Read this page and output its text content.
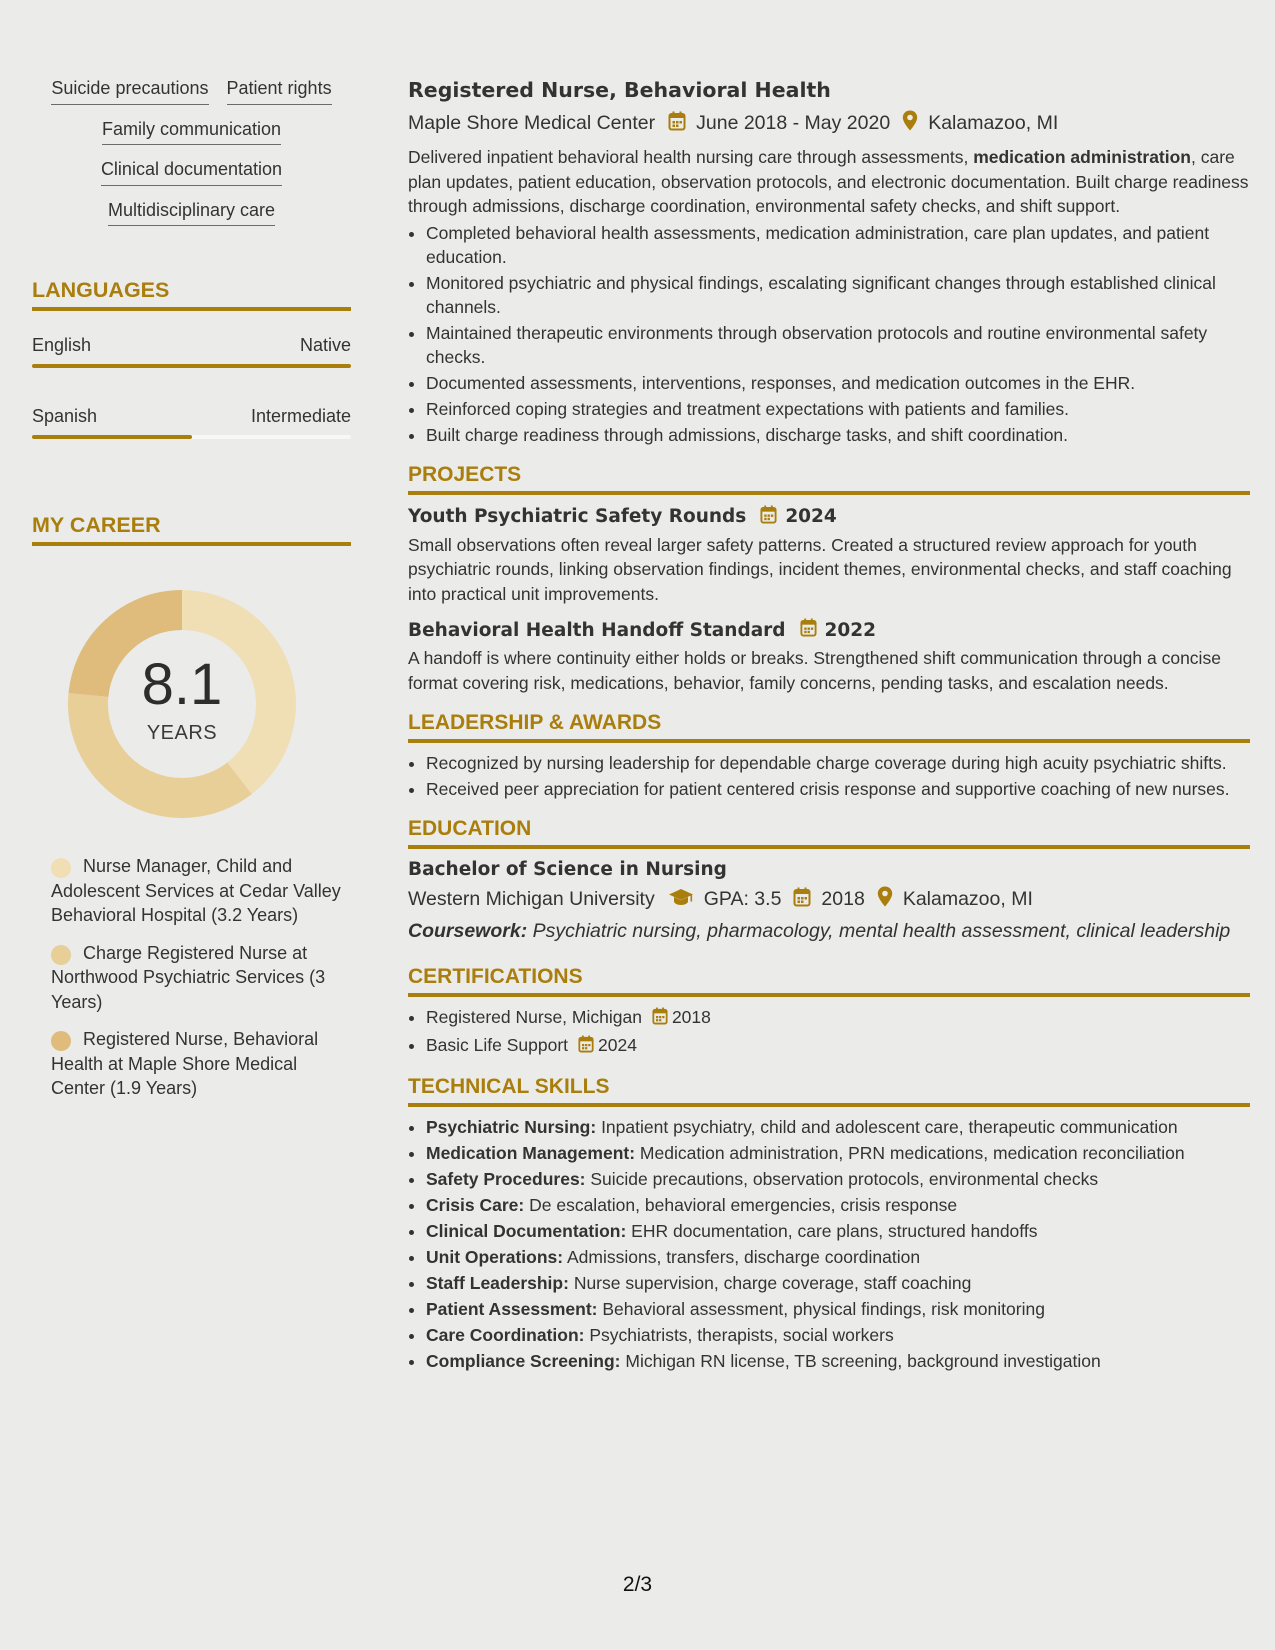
Suicide precautions Patient rights
Family communication
Clinical documentation
Multidisciplinary care
LANGUAGES
English	Native
Spanish	Intermediate
MY CAREER
8.1
YEARS
Nurse Manager, Child and Adolescent Services at Cedar Valley Behavioral Hospital (3.2 Years)
Charge Registered Nurse at Northwood Psychiatric Services (3 Years)
Registered Nurse, Behavioral Health at Maple Shore Medical Center (1.9 Years)
Registered Nurse, Behavioral Health
Maple Shore Medical Center June 2018 - May 2020 Kalamazoo, MI

Delivered inpatient behavioral health nursing care through assessments, medication administration, care plan updates, patient education, observation protocols, and electronic documentation. Built charge readiness through admissions, discharge coordination, environmental safety checks, and shift support.

• Completed behavioral health assessments, medication administration, care plan updates, and patient education.
• Monitored psychiatric and physical findings, escalating significant changes through established clinical channels.
• Maintained therapeutic environments through observation protocols and routine environmental safety checks.
• Documented assessments, interventions, responses, and medication outcomes in the EHR.
• Reinforced coping strategies and treatment expectations with patients and families.
• Built charge readiness through admissions, discharge tasks, and shift coordination.
PROJECTS
Youth Psychiatric Safety Rounds 2024

Small observations often reveal larger safety patterns. Created a structured review approach for youth psychiatric rounds, linking observation findings, incident themes, environmental checks, and staff coaching into practical unit improvements.

Behavioral Health Handoff Standard 2022

A handoff is where continuity either holds or breaks. Strengthened shift communication through a concise format covering risk, medications, behavior, family concerns, pending tasks, and escalation needs.

LEADERSHIP & AWARDS
• Recognized by nursing leadership for dependable charge coverage during high acuity psychiatric shifts.
• Received peer appreciation for patient centered crisis response and supportive coaching of new nurses.
EDUCATION
Bachelor of Science in Nursing
Western Michigan University	GPA: 3.5 2018 Kalamazoo, MI
Coursework: Psychiatric nursing, pharmacology, mental health assessment, clinical leadership
CERTIFICATIONS
• Registered Nurse, Michigan 2018
• Basic Life Support 2024
TECHNICAL SKILLS
• Psychiatric Nursing: Inpatient psychiatry, child and adolescent care, therapeutic communication
• Medication Management: Medication administration, PRN medications, medication reconciliation
• Safety Procedures: Suicide precautions, observation protocols, environmental checks
• Crisis Care: De escalation, behavioral emergencies, crisis response
• Clinical Documentation: EHR documentation, care plans, structured handoffs
• Unit Operations: Admissions, transfers, discharge coordination
• Staff Leadership: Nurse supervision, charge coverage, staff coaching
• Patient Assessment: Behavioral assessment, physical findings, risk monitoring
• Care Coordination: Psychiatrists, therapists, social workers
• Compliance Screening: Michigan RN license, TB screening, background investigation
2/3
